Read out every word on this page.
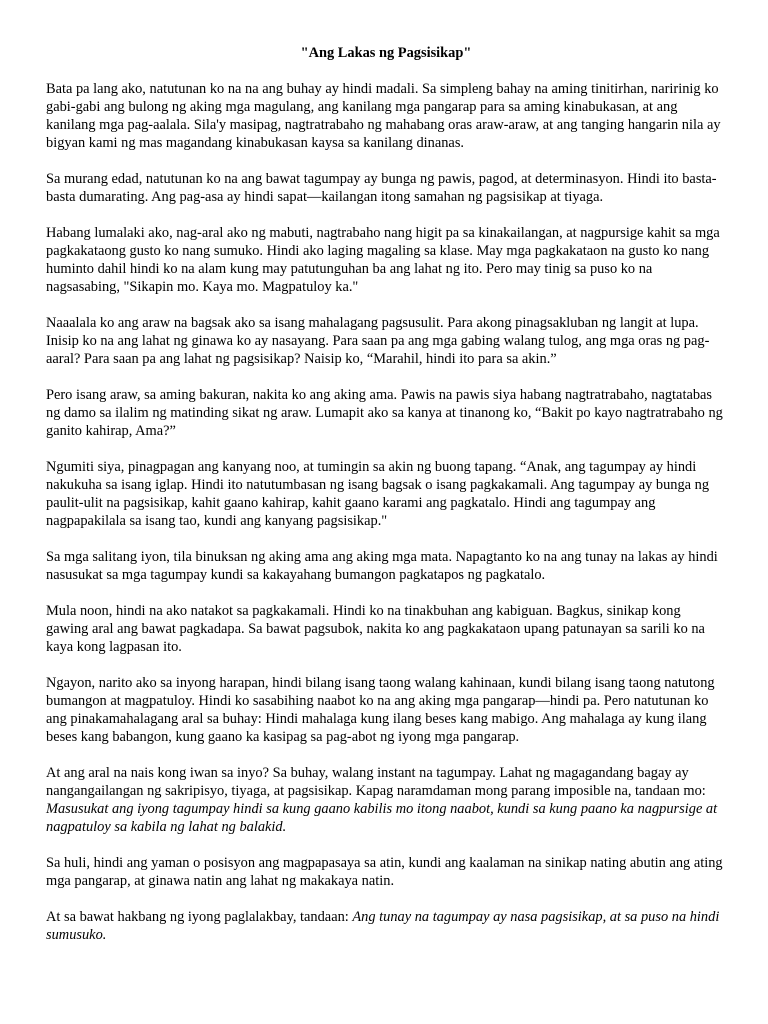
"Ang Lakas ng Pagsisikap"

Bata pa lang ako, natutunan ko na na ang buhay ay hindi madali. Sa simpleng bahay na aming tinitirhan, naririnig ko gabi-gabi ang bulong ng aking mga magulang, ang kanilang mga pangarap para sa aming kinabukasan, at ang kanilang mga pag-aalala. Sila'y masipag, nagtratrabaho ng mahabang oras araw-araw, at ang tanging hangarin nila ay bigyan kami ng mas magandang kinabukasan kaysa sa kanilang dinanas.

Sa murang edad, natutunan ko na ang bawat tagumpay ay bunga ng pawis, pagod, at determinasyon. Hindi ito basta-basta dumarating. Ang pag-asa ay hindi sapat—kailangan itong samahan ng pagsisikap at tiyaga.

Habang lumalaki ako, nag-aral ako ng mabuti, nagtrabaho nang higit pa sa kinakailangan, at nagpursige kahit sa mga pagkakataong gusto ko nang sumuko. Hindi ako laging magaling sa klase. May mga pagkakataon na gusto ko nang huminto dahil hindi ko na alam kung may patutunguhan ba ang lahat ng ito. Pero may tinig sa puso ko na nagsasabing, "Sikapin mo. Kaya mo. Magpatuloy ka."

Naaalala ko ang araw na bagsak ako sa isang mahalagang pagsusulit. Para akong pinagsakluban ng langit at lupa. Inisip ko na ang lahat ng ginawa ko ay nasayang. Para saan pa ang mga gabing walang tulog, ang mga oras ng pag-aaral? Para saan pa ang lahat ng pagsisikap? Naisip ko, “Marahil, hindi ito para sa akin.”

Pero isang araw, sa aming bakuran, nakita ko ang aking ama. Pawis na pawis siya habang nagtratrabaho, nagtatabas ng damo sa ilalim ng matinding sikat ng araw. Lumapit ako sa kanya at tinanong ko, “Bakit po kayo nagtratrabaho ng ganito kahirap, Ama?”

Ngumiti siya, pinagpagan ang kanyang noo, at tumingin sa akin ng buong tapang. “Anak, ang tagumpay ay hindi nakukuha sa isang iglap. Hindi ito natutumbasan ng isang bagsak o isang pagkakamali. Ang tagumpay ay bunga ng paulit-ulit na pagsisikap, kahit gaano kahirap, kahit gaano karami ang pagkatalo. Hindi ang tagumpay ang nagpapakilala sa isang tao, kundi ang kanyang pagsisikap."

Sa mga salitang iyon, tila binuksan ng aking ama ang aking mga mata. Napagtanto ko na ang tunay na lakas ay hindi nasusukat sa mga tagumpay kundi sa kakayahang bumangon pagkatapos ng pagkatalo.

Mula noon, hindi na ako natakot sa pagkakamali. Hindi ko na tinakbuhan ang kabiguan. Bagkus, sinikap kong gawing aral ang bawat pagkadapa. Sa bawat pagsubok, nakita ko ang pagkakataon upang patunayan sa sarili ko na kaya kong lagpasan ito.

Ngayon, narito ako sa inyong harapan, hindi bilang isang taong walang kahinaan, kundi bilang isang taong natutong bumangon at magpatuloy. Hindi ko sasabihing naabot ko na ang aking mga pangarap—hindi pa. Pero natutunan ko ang pinakamahalagang aral sa buhay: Hindi mahalaga kung ilang beses kang mabigo. Ang mahalaga ay kung ilang beses kang babangon, kung gaano ka kasipag sa pag-abot ng iyong mga pangarap.

At ang aral na nais kong iwan sa inyo? Sa buhay, walang instant na tagumpay. Lahat ng magagandang bagay ay nangangailangan ng sakripisyo, tiyaga, at pagsisikap. Kapag naramdaman mong parang imposible na, tandaan mo: Masusukat ang iyong tagumpay hindi sa kung gaano kabilis mo itong naabot, kundi sa kung paano ka nagpursige at nagpatuloy sa kabila ng lahat ng balakid.

Sa huli, hindi ang yaman o posisyon ang magpapasaya sa atin, kundi ang kaalaman na sinikap nating abutin ang ating mga pangarap, at ginawa natin ang lahat ng makakaya natin.

At sa bawat hakbang ng iyong paglalakbay, tandaan: Ang tunay na tagumpay ay nasa pagsisikap, at sa puso na hindi sumusuko.
